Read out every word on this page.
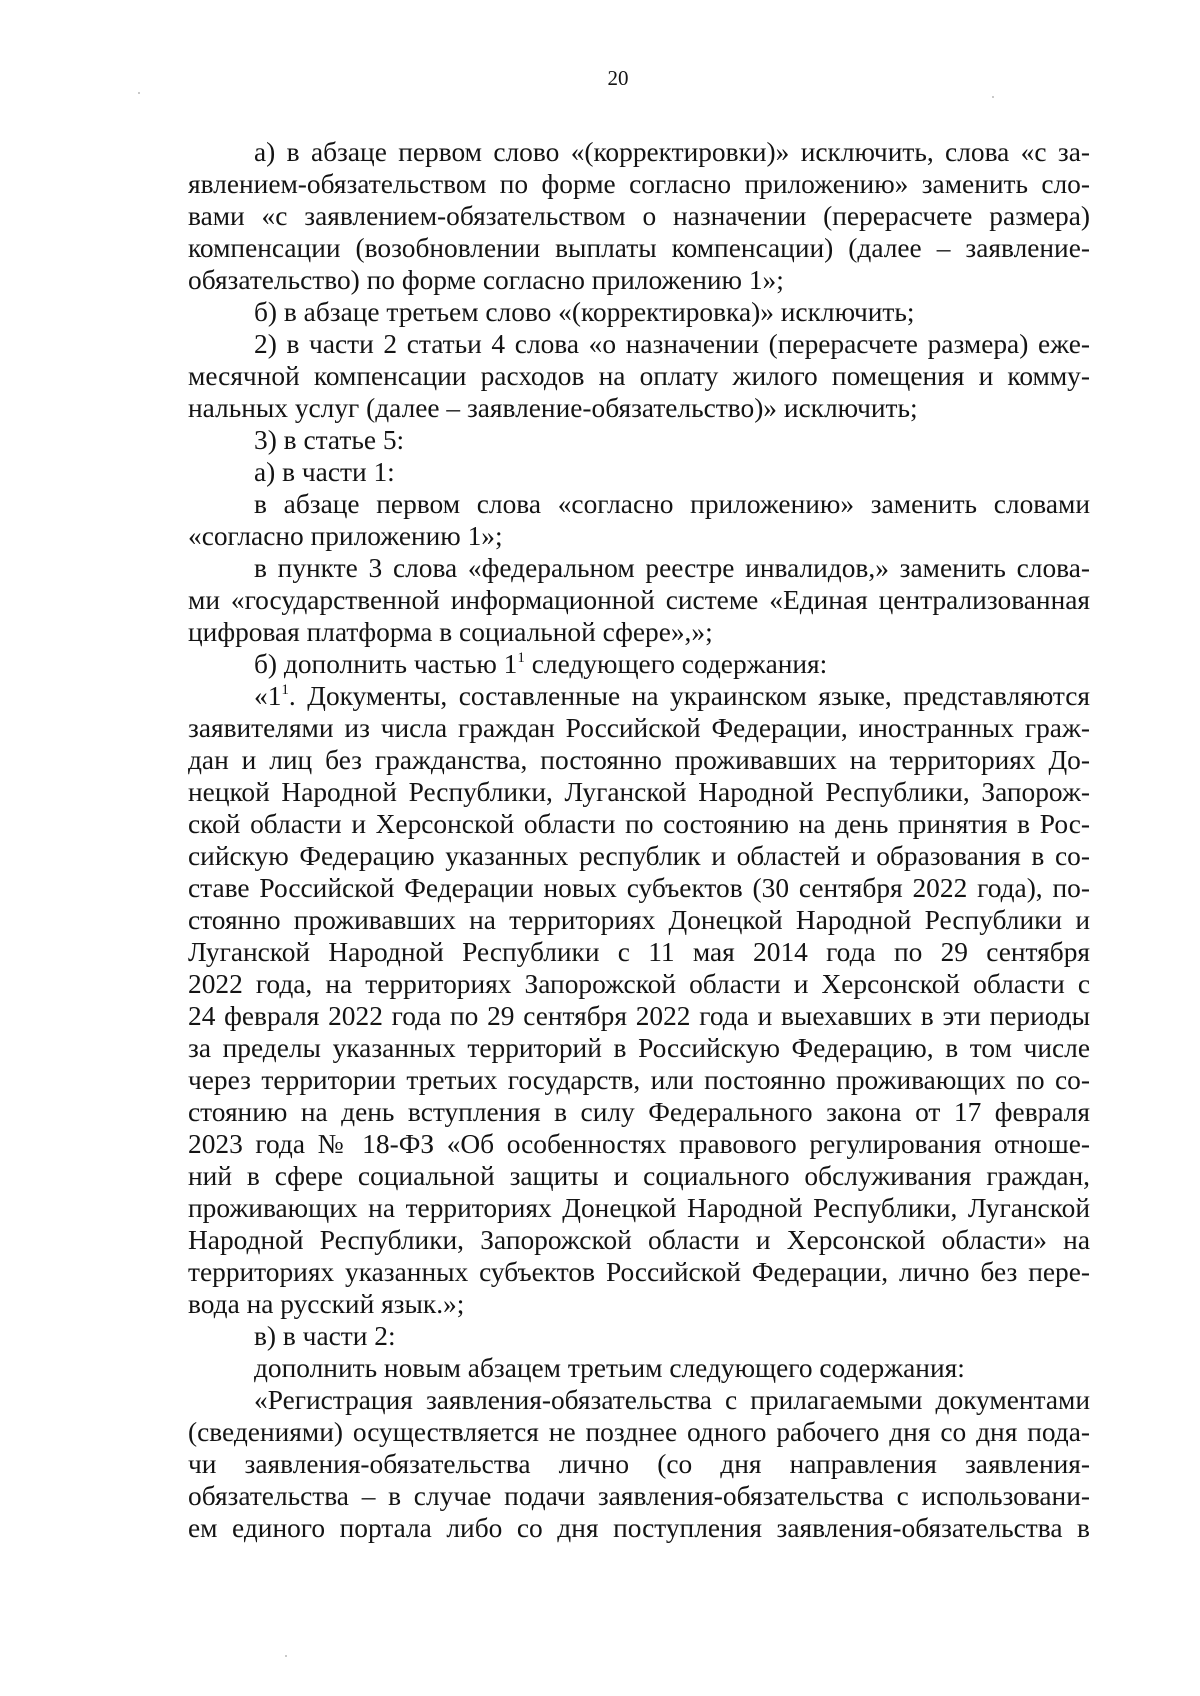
20
а) в абзаце первом слово «(корректировки)» исключить, слова «с за-
явлением-обязательством по форме согласно приложению» заменить сло-
вами «с заявлением-обязательством о назначении (перерасчете размера)
компенсации (возобновлении выплаты компенсации) (далее – заявление-
обязательство) по форме согласно приложению 1»;
б) в абзаце третьем слово «(корректировка)» исключить;
2) в части 2 статьи 4 слова «о назначении (перерасчете размера) еже-
месячной компенсации расходов на оплату жилого помещения и комму-
нальных услуг (далее – заявление-обязательство)» исключить;
3) в статье 5:
а) в части 1:
в абзаце первом слова «согласно приложению» заменить словами
«согласно приложению 1»;
в пункте 3 слова «федеральном реестре инвалидов,» заменить слова-
ми «государственной информационной системе «Единая централизованная
цифровая платформа в социальной сфере»,»;
б) дополнить частью $1^1$ следующего содержания:
«$1^1$. Документы, составленные на украинском языке, представляются
заявителями из числа граждан Российской Федерации, иностранных граж-
дан и лиц без гражданства, постоянно проживавших на территориях До-
нецкой Народной Республики, Луганской Народной Республики, Запорож-
ской области и Херсонской области по состоянию на день принятия в Рос-
сийскую Федерацию указанных республик и областей и образования в со-
ставе Российской Федерации новых субъектов (30 сентября 2022 года), по-
стоянно проживавших на территориях Донецкой Народной Республики и
Луганской Народной Республики с 11 мая 2014 года по 29 сентября
2022 года, на территориях Запорожской области и Херсонской области с
24 февраля 2022 года по 29 сентября 2022 года и выехавших в эти периоды
за пределы указанных территорий в Российскую Федерацию, в том числе
через территории третьих государств, или постоянно проживающих по со-
стоянию на день вступления в силу Федерального закона от 17 февраля
2023 года № 18-ФЗ «Об особенностях правового регулирования отноше-
ний в сфере социальной защиты и социального обслуживания граждан,
проживающих на территориях Донецкой Народной Республики, Луганской
Народной Республики, Запорожской области и Херсонской области» на
территориях указанных субъектов Российской Федерации, лично без пере-
вода на русский язык.»;
в) в части 2:
дополнить новым абзацем третьим следующего содержания:
«Регистрация заявления-обязательства с прилагаемыми документами
(сведениями) осуществляется не позднее одного рабочего дня со дня пода-
чи заявления-обязательства лично (со дня направления заявления-
обязательства – в случае подачи заявления-обязательства с использовани-
ем единого портала либо со дня поступления заявления-обязательства в
